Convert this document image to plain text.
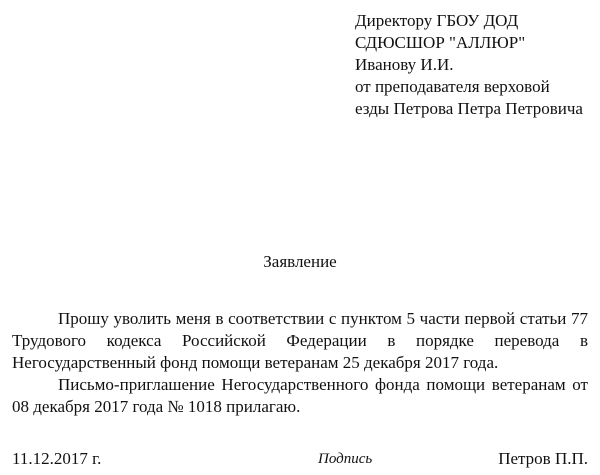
Директору ГБОУ ДОД
СДЮСШОР "АЛЛЮР"
Иванову И.И.
от преподавателя верховой
езды Петрова Петра Петровича
Заявление

Прошу уволить меня в соответствии с пунктом 5 части первой статьи 77 Трудового кодекса Российской Федерации в порядке перевода в Негосударственный фонд помощи ветеранам 25 декабря 2017 года.

Письмо-приглашение Негосударственного фонда помощи ветеранам от 08 декабря 2017 года № 1018 прилагаю.

11.12.2017 г.	Подпись	Петров П.П.
